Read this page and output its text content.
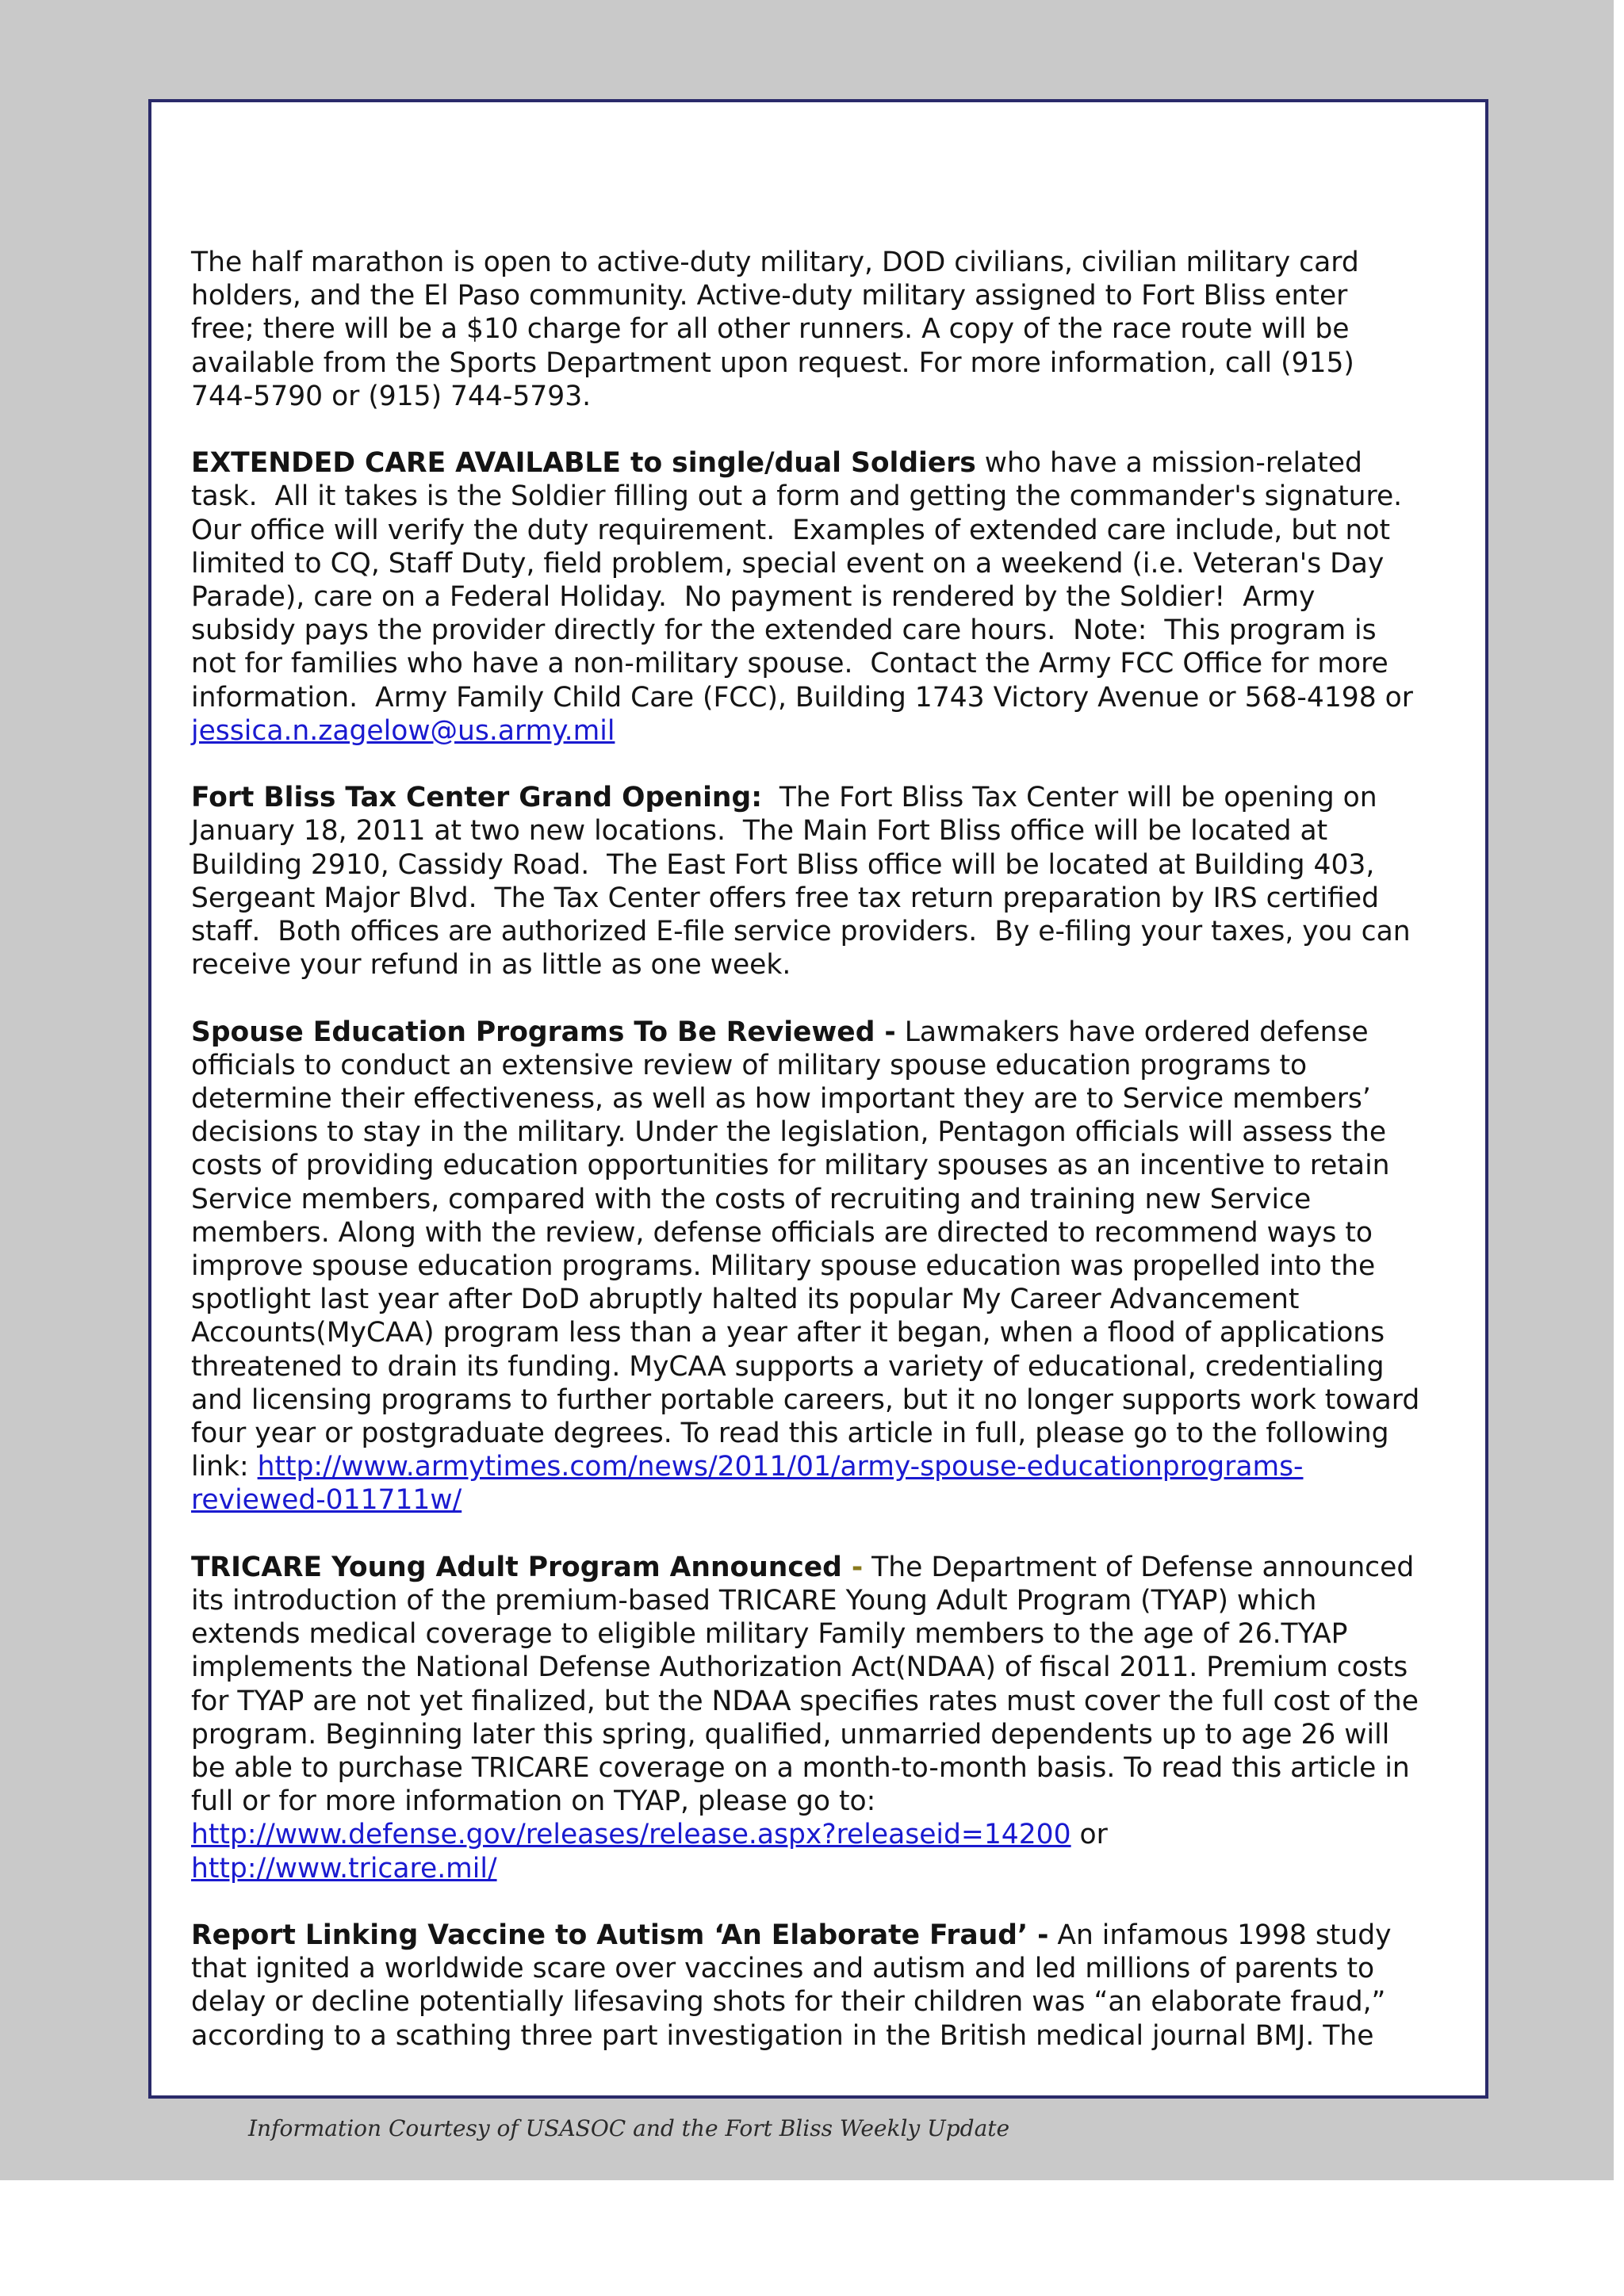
The half marathon is open to active-duty military, DOD civilians, civilian military card
holders, and the El Paso community. Active-duty military assigned to Fort Bliss enter
free; there will be a $10 charge for all other runners. A copy of the race route will be
available from the Sports Department upon request. For more information, call (915)
744-5790 or (915) 744-5793.

EXTENDED CARE AVAILABLE to single/dual Soldiers who have a mission-related
task.  All it takes is the Soldier filling out a form and getting the commander's signature.
Our office will verify the duty requirement.  Examples of extended care include, but not
limited to CQ, Staff Duty, field problem, special event on a weekend (i.e. Veteran's Day
Parade), care on a Federal Holiday.  No payment is rendered by the Soldier!  Army
subsidy pays the provider directly for the extended care hours.  Note:  This program is
not for families who have a non-military spouse.  Contact the Army FCC Office for more
information.  Army Family Child Care (FCC), Building 1743 Victory Avenue or 568-4198 or
jessica.n.zagelow@us.army.mil

Fort Bliss Tax Center Grand Opening:  The Fort Bliss Tax Center will be opening on
January 18, 2011 at two new locations.  The Main Fort Bliss office will be located at
Building 2910, Cassidy Road.  The East Fort Bliss office will be located at Building 403,
Sergeant Major Blvd.  The Tax Center offers free tax return preparation by IRS certified
staff.  Both offices are authorized E-file service providers.  By e-filing your taxes, you can
receive your refund in as little as one week.

Spouse Education Programs To Be Reviewed - Lawmakers have ordered defense
officials to conduct an extensive review of military spouse education programs to
determine their effectiveness, as well as how important they are to Service members’
decisions to stay in the military. Under the legislation, Pentagon officials will assess the
costs of providing education opportunities for military spouses as an incentive to retain
Service members, compared with the costs of recruiting and training new Service
members. Along with the review, defense officials are directed to recommend ways to
improve spouse education programs. Military spouse education was propelled into the
spotlight last year after DoD abruptly halted its popular My Career Advancement
Accounts(MyCAA) program less than a year after it began, when a flood of applications
threatened to drain its funding. MyCAA supports a variety of educational, credentialing
and licensing programs to further portable careers, but it no longer supports work toward
four year or postgraduate degrees. To read this article in full, please go to the following
link: http://www.armytimes.com/news/2011/01/army-spouse-educationprograms-
reviewed-011711w/

TRICARE Young Adult Program Announced - The Department of Defense announced
its introduction of the premium-based TRICARE Young Adult Program (TYAP) which
extends medical coverage to eligible military Family members to the age of 26.TYAP
implements the National Defense Authorization Act(NDAA) of fiscal 2011. Premium costs
for TYAP are not yet finalized, but the NDAA specifies rates must cover the full cost of the
program. Beginning later this spring, qualified, unmarried dependents up to age 26 will
be able to purchase TRICARE coverage on a month-to-month basis. To read this article in
full or for more information on TYAP, please go to:
http://www.defense.gov/releases/release.aspx?releaseid=14200 or
http://www.tricare.mil/

Report Linking Vaccine to Autism ‘An Elaborate Fraud’ - An infamous 1998 study
that ignited a worldwide scare over vaccines and autism and led millions of parents to
delay or decline potentially lifesaving shots for their children was “an elaborate fraud,”
according to a scathing three part investigation in the British medical journal BMJ. The

Information Courtesy of USASOC and the Fort Bliss Weekly Update
